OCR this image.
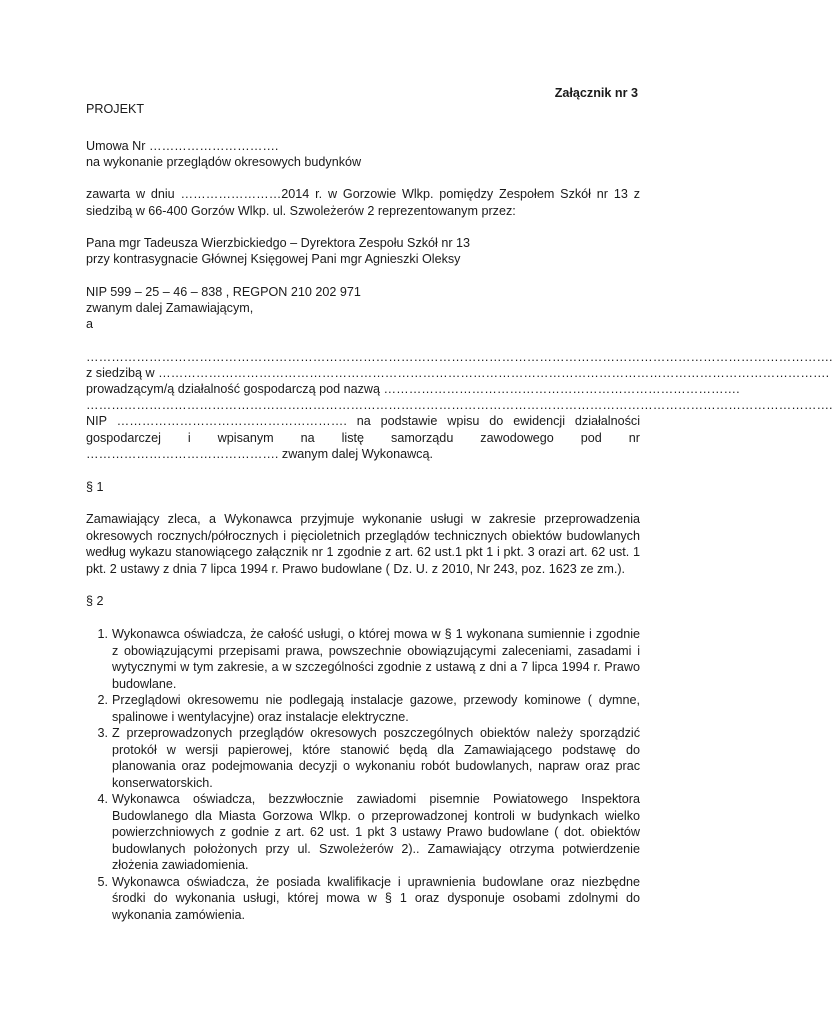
Załącznik nr 3
PROJEKT
Umowa Nr ………………………….
na wykonanie przeglądów okresowych budynków
zawarta w dniu ……………………2014 r. w Gorzowie Wlkp. pomiędzy Zespołem Szkół nr 13 z siedzibą w 66-400 Gorzów Wlkp. ul. Szwoleżerów 2 reprezentowanym przez:
Pana mgr Tadeusza Wierzbickiedgo – Dyrektora Zespołu Szkół nr 13
przy kontrasygnacie Głównej Księgowej Pani mgr Agnieszki Oleksy
NIP 599 – 25 – 46 – 838 , REGPON 210 202 971
zwanym dalej Zamawiającym,
a
…………………………………………………………………………………………………………………………………………………………….
z siedzibą w …………………………………………………………………………………………………………………………………………….
prowadzącym/ą działalność gospodarczą pod nazwą ………………………………………………………………………….
…………………………………………………………………………………………………………………………………………………………….
NIP ………………………………………………. na podstawie wpisu do ewidencji działalności gospodarczej i wpisanym na listę samorządu zawodowego pod nr ………………………………………. zwanym dalej Wykonawcą.
§ 1
Zamawiający zleca, a Wykonawca przyjmuje wykonanie usługi w zakresie przeprowadzenia okresowych rocznych/półrocznych i pięcioletnich przeglądów technicznych obiektów budowlanych według wykazu stanowiącego załącznik nr 1 zgodnie z art. 62 ust.1 pkt 1 i pkt. 3 orazi art. 62 ust. 1 pkt. 2 ustawy z dnia 7 lipca 1994 r. Prawo budowlane ( Dz. U. z 2010, Nr 243, poz. 1623 ze zm.).
§ 2
1. Wykonawca oświadcza, że całość usługi, o której mowa w § 1 wykonana sumiennie i zgodnie z obowiązującymi przepisami prawa, powszechnie obowiązującymi zaleceniami, zasadami i wytycznymi w tym zakresie, a w szczególności zgodnie z ustawą z dni a 7 lipca 1994 r. Prawo budowlane.
2. Przeglądowi okresowemu nie podlegają instalacje gazowe, przewody kominowe ( dymne, spalinowe i wentylacyjne) oraz instalacje elektryczne.
3. Z przeprowadzonych przeglądów okresowych poszczególnych obiektów należy sporządzić protokół w wersji papierowej, które stanowić będą dla Zamawiającego podstawę do planowania oraz podejmowania decyzji o wykonaniu robót budowlanych, napraw oraz prac konserwatorskich.
4. Wykonawca oświadcza, bezzwłocznie zawiadomi pisemnie Powiatowego Inspektora Budowlanego dla Miasta Gorzowa Wlkp. o przeprowadzonej kontroli w budynkach wielko powierzchniowych z godnie z art. 62 ust. 1 pkt 3 ustawy Prawo budowlane ( dot. obiektów budowlanych położonych przy ul. Szwoleżerów 2).. Zamawiający otrzyma potwierdzenie złożenia zawiadomienia.
5. Wykonawca oświadcza, że posiada kwalifikacje i uprawnienia budowlane oraz niezbędne środki do wykonania usługi, której mowa w § 1 oraz dysponuje osobami zdolnymi do wykonania zamówienia.
